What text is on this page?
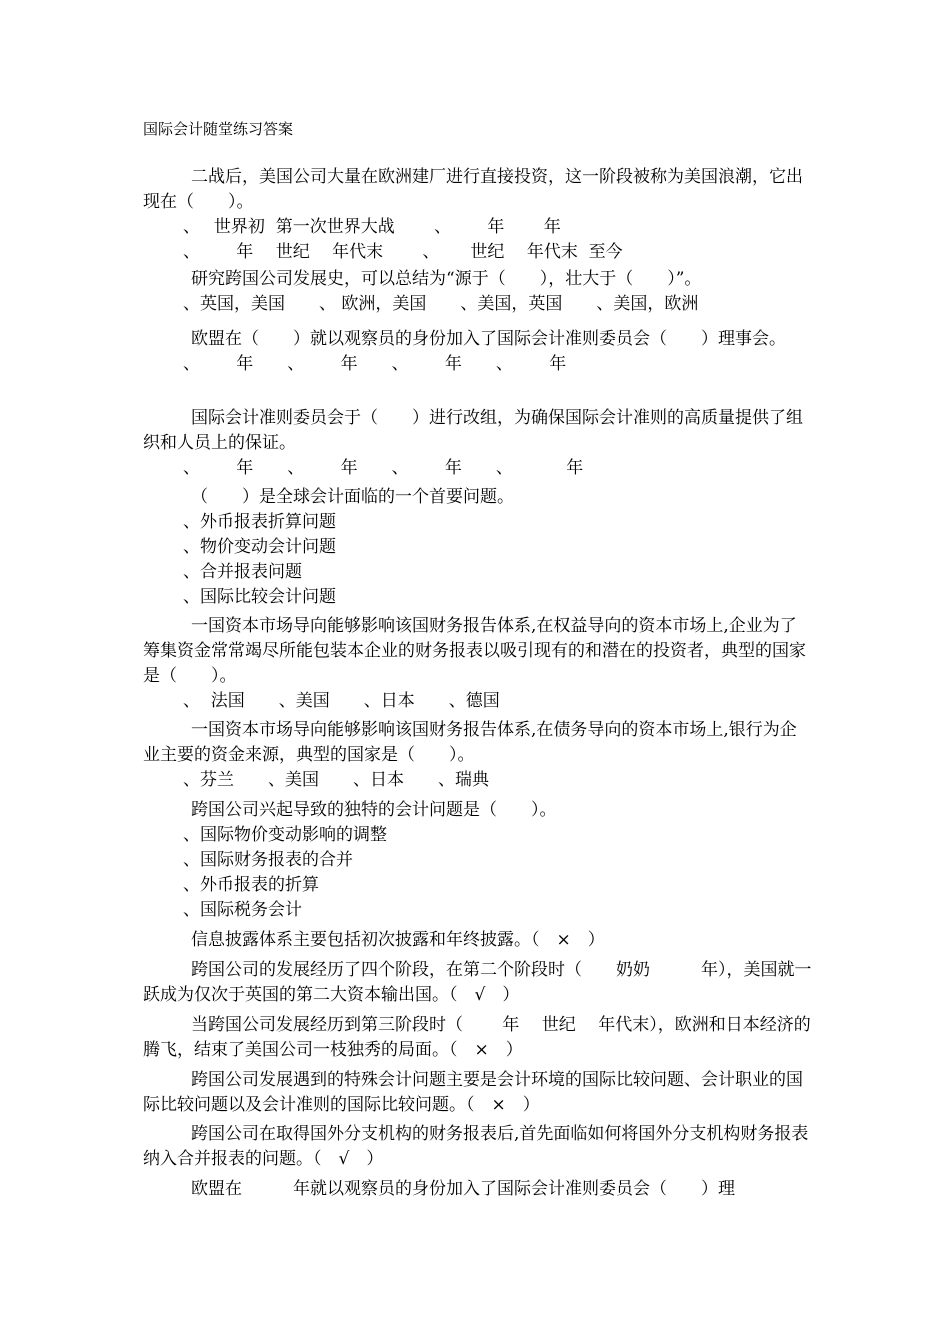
国际会计随堂练习答案
二战后，美国公司大量在欧洲建厂进行直接投资，这一阶段被称为美国浪潮，它出现在（　　）。
、　 世界初  第一次世界大战　　 、　　  年　　 年
、　　  年　 世纪　 年代末　　 、　　 世纪　 年代末  至今
研究跨国公司发展史，可以总结为“源于（　　），壮大于（　　）”。
、英国，美国　　、 欧洲，美国　　、美国，英国　　、美国，欧洲
欧盟在（　　）就以观察员的身份加入了国际会计准则委员会（　　）理事会。
、　　  年　　、　　  年　　、　　  年　　、　　  年
国际会计准则委员会于（　　）进行改组，为确保国际会计准则的高质量提供了组织和人员上的保证。
、　　  年　　、　　  年　　、　　  年　　、　　　  年
（　　）是全球会计面临的一个首要问题。
、外币报表折算问题
、物价变动会计问题
、合并报表问题
、国际比较会计问题
一国资本市场导向能够影响该国财务报告体系,在权益导向的资本市场上,企业为了筹集资金常常竭尽所能包装本企业的财务报表以吸引现有的和潜在的投资者，典型的国家是（　　）。
、  法国　　、美国　　、日本　　、德国
一国资本市场导向能够影响该国财务报告体系,在债务导向的资本市场上,银行为企业主要的资金来源，典型的国家是（　　）。
、芬兰　　、美国　　、日本　　、瑞典
跨国公司兴起导致的独特的会计问题是（　　）。
、国际物价变动影响的调整
、国际财务报表的合并
、外币报表的折算
、国际税务会计
信息披露体系主要包括初次披露和年终披露。（　×　）
跨国公司的发展经历了四个阶段，在第二个阶段时（　　奶奶　　　年），美国就一跃成为仅次于英国的第二大资本输出国。（　√　）
当跨国公司发展经历到第三阶段时（　　 年　 世纪　 年代末），欧洲和日本经济的腾飞，结束了美国公司一枝独秀的局面。（　×　）
跨国公司发展遇到的特殊会计问题主要是会计环境的国际比较问题、会计职业的国际比较问题以及会计准则的国际比较问题。（　×　）
跨国公司在取得国外分支机构的财务报表后,首先面临如何将国外分支机构财务报表纳入合并报表的问题。（　√　）
欧盟在　　　年就以观察员的身份加入了国际会计准则委员会（　　）理
